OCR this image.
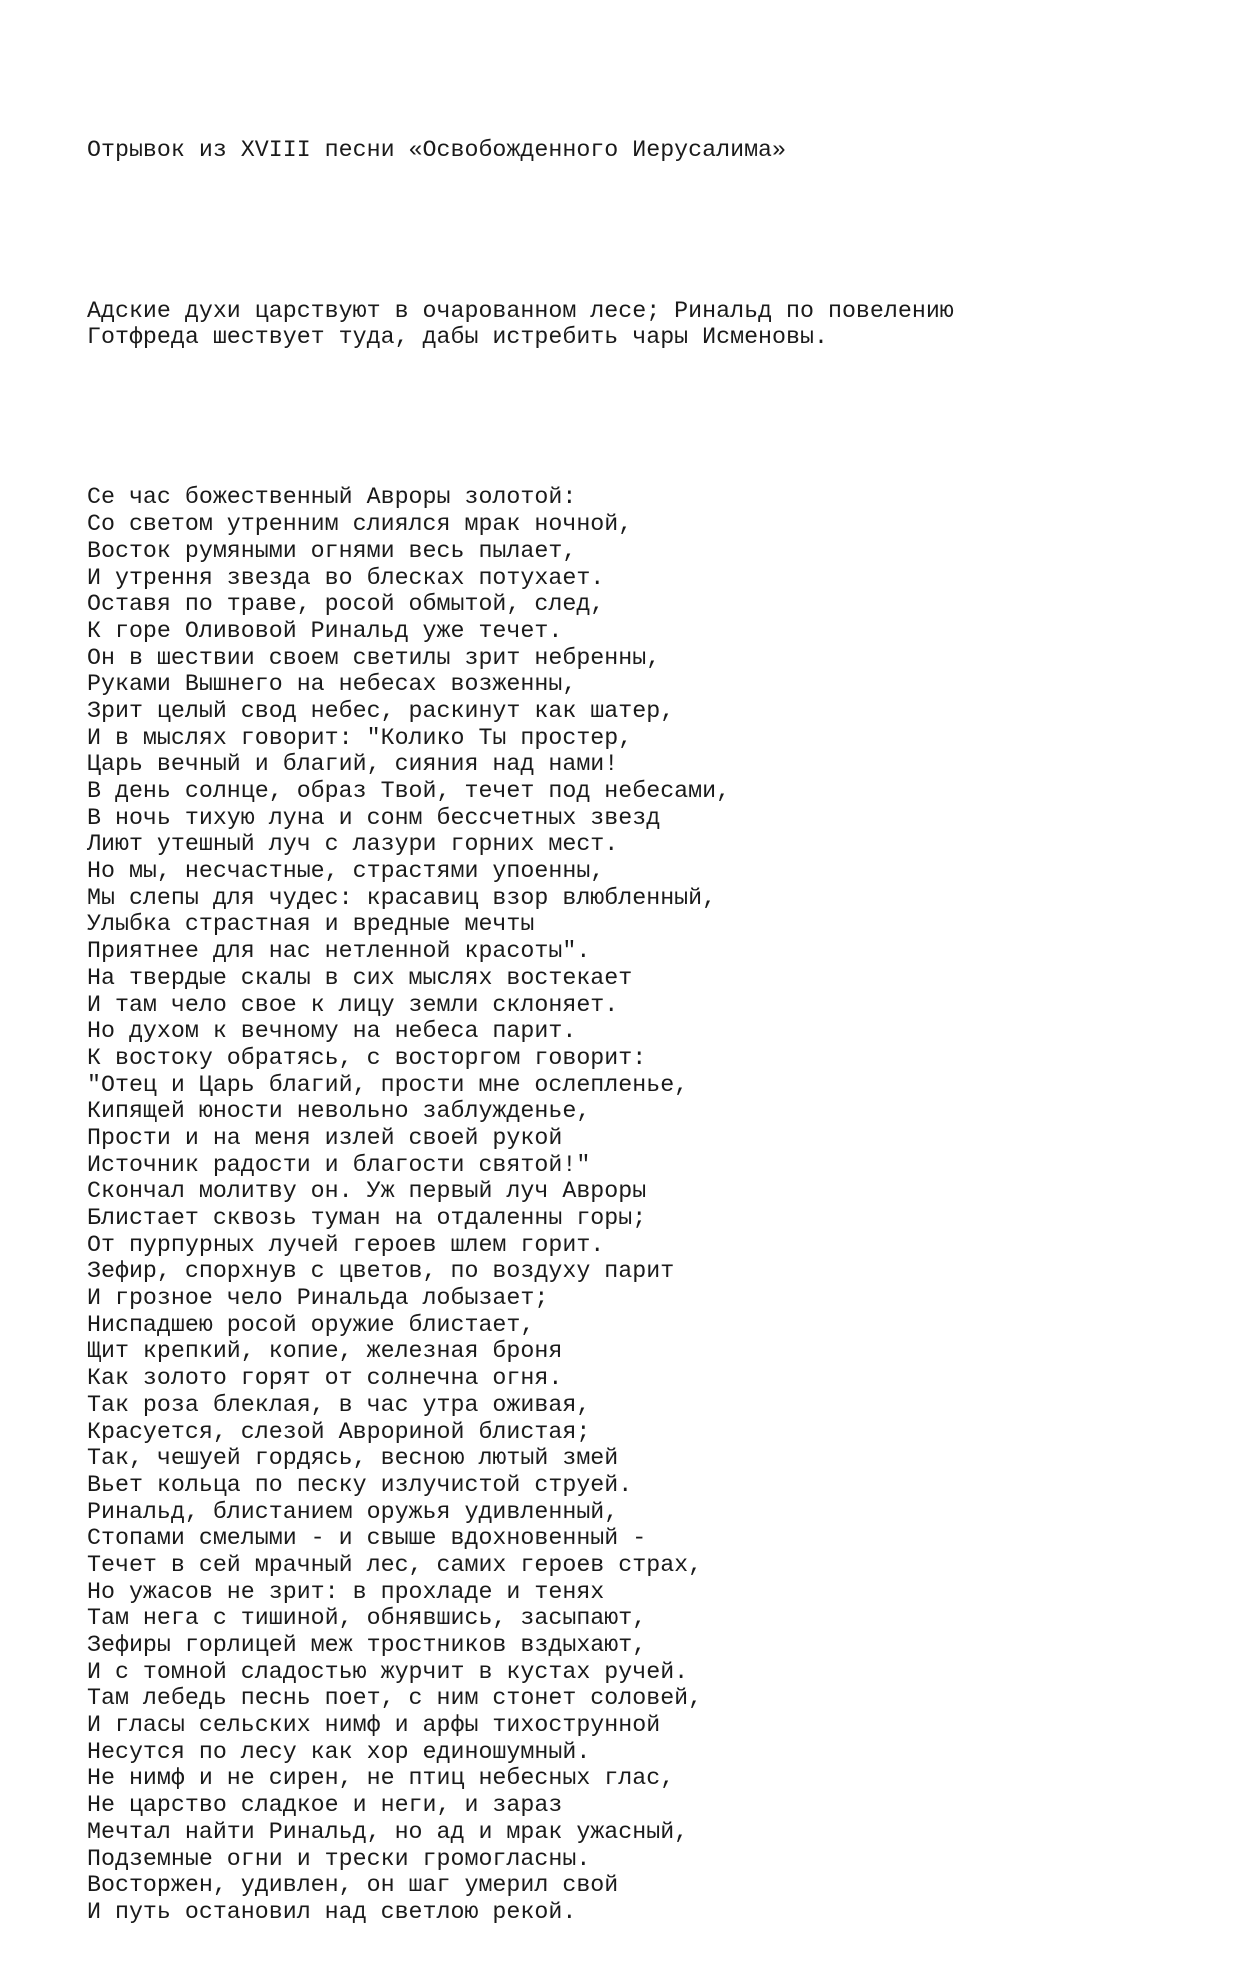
Отрывок из XVIII песни «Освобожденного Иерусалима»

Адские духи царствуют в очарованном лесе; Ринальд по повелению
Готфреда шествует туда, дабы истребить чары Исменовы.

Се час божественный Авроры золотой:
Со светом утренним слиялся мрак ночной,
Восток румяными огнями весь пылает,
И утрення звезда во блесках потухает.
Оставя по траве, росой обмытой, след,
К горе Оливовой Ринальд уже течет.
Он в шествии своем светилы зрит небренны,
Руками Вышнего на небесах возженны,
Зрит целый свод небес, раскинут как шатер,
И в мыслях говорит: "Колико Ты простер,
Царь вечный и благий, сияния над нами!
В день солнце, образ Твой, течет под небесами,
В ночь тихую луна и сонм бессчетных звезд
Лиют утешный луч с лазури горних мест.
Но мы, несчастные, страстями упоенны,
Мы слепы для чудес: красавиц взор влюбленный,
Улыбка страстная и вредные мечты
Приятнее для нас нетленной красоты".
На твердые скалы в сих мыслях востекает
И там чело свое к лицу земли склоняет.
Но духом к вечному на небеса парит.
К востоку обратясь, с восторгом говорит:
"Отец и Царь благий, прости мне ослепленье,
Кипящей юности невольно заблужденье,
Прости и на меня излей своей рукой
Источник радости и благости святой!"
Скончал молитву он. Уж первый луч Авроры
Блистает сквозь туман на отдаленны горы;
От пурпурных лучей героев шлем горит.
Зефир, спорхнув с цветов, по воздуху парит
И грозное чело Ринальда лобызает;
Ниспадшею росой оружие блистает,
Щит крепкий, копие, железная броня
Как золото горят от солнечна огня.
Так роза блеклая, в час утра оживая,
Красуется, слезой Аврориной блистая;
Так, чешуей гордясь, весною лютый змей
Вьет кольца по песку излучистой струей.
Ринальд, блистанием оружья удивленный,
Стопами смелыми - и свыше вдохновенный -
Течет в сей мрачный лес, самих героев страх,
Но ужасов не зрит: в прохладе и тенях
Там нега с тишиной, обнявшись, засыпают,
Зефиры горлицей меж тростников вздыхают,
И с томной сладостью журчит в кустах ручей.
Там лебедь песнь поет, с ним стонет соловей,
И гласы сельских нимф и арфы тихострунной
Несутся по лесу как хор единошумный.
Не нимф и не сирен, не птиц небесных глас,
Не царство сладкое и неги, и зараз
Мечтал найти Ринальд, но ад и мрак ужасный,
Подземные огни и трески громогласны.
Восторжен, удивлен, он шаг умерил свой
И путь остановил над светлою рекой.
